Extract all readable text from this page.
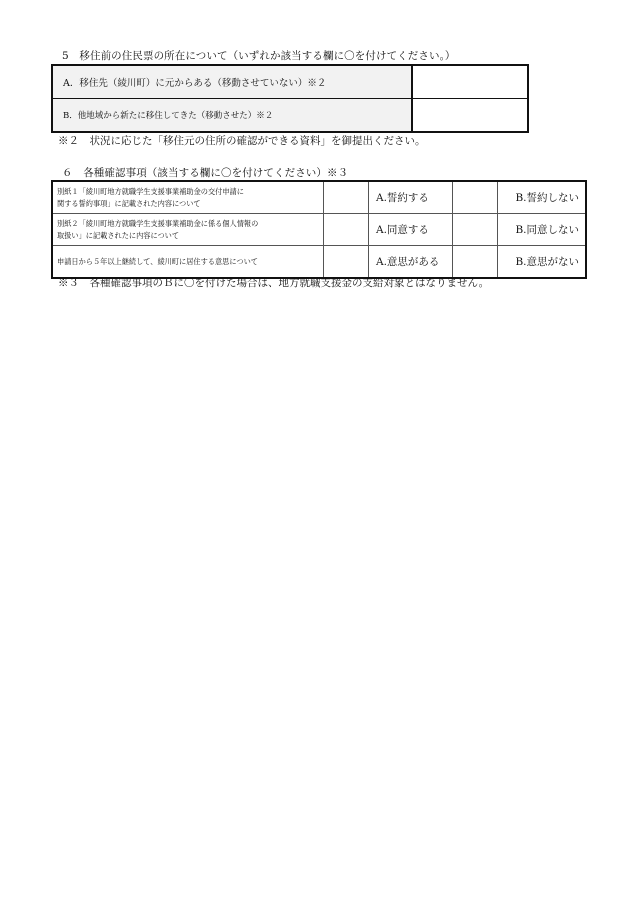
5　移住前の住民票の所在について（いずれか該当する欄に〇を付けてください。）
A．移住先（綾川町）に元からある（移動させていない）※２	
B．他地域から新たに移住してきた（移動させた）※２	
※２　状況に応じた「移住元の住所の確認ができる資料」を御提出ください。
６　各種確認事項（該当する欄に〇を付けてください）※３
別紙１「綾川町地方就職学生支援事業補助金の交付申請に
関する誓約事項」に記載された内容について		A.誓約する		B.誓約しない

別紙２「綾川町地方就職学生支援事業補助金に係る個人情報の
取扱い」に記載されたに内容について		A.同意する		B.同意しない

申請日から５年以上継続して、綾川町に居住する意思について		A.意思がある		B.意思がない
※３　各種確認事項のＢに〇を付けた場合は、地方就職支援金の支給対象とはなりません。
